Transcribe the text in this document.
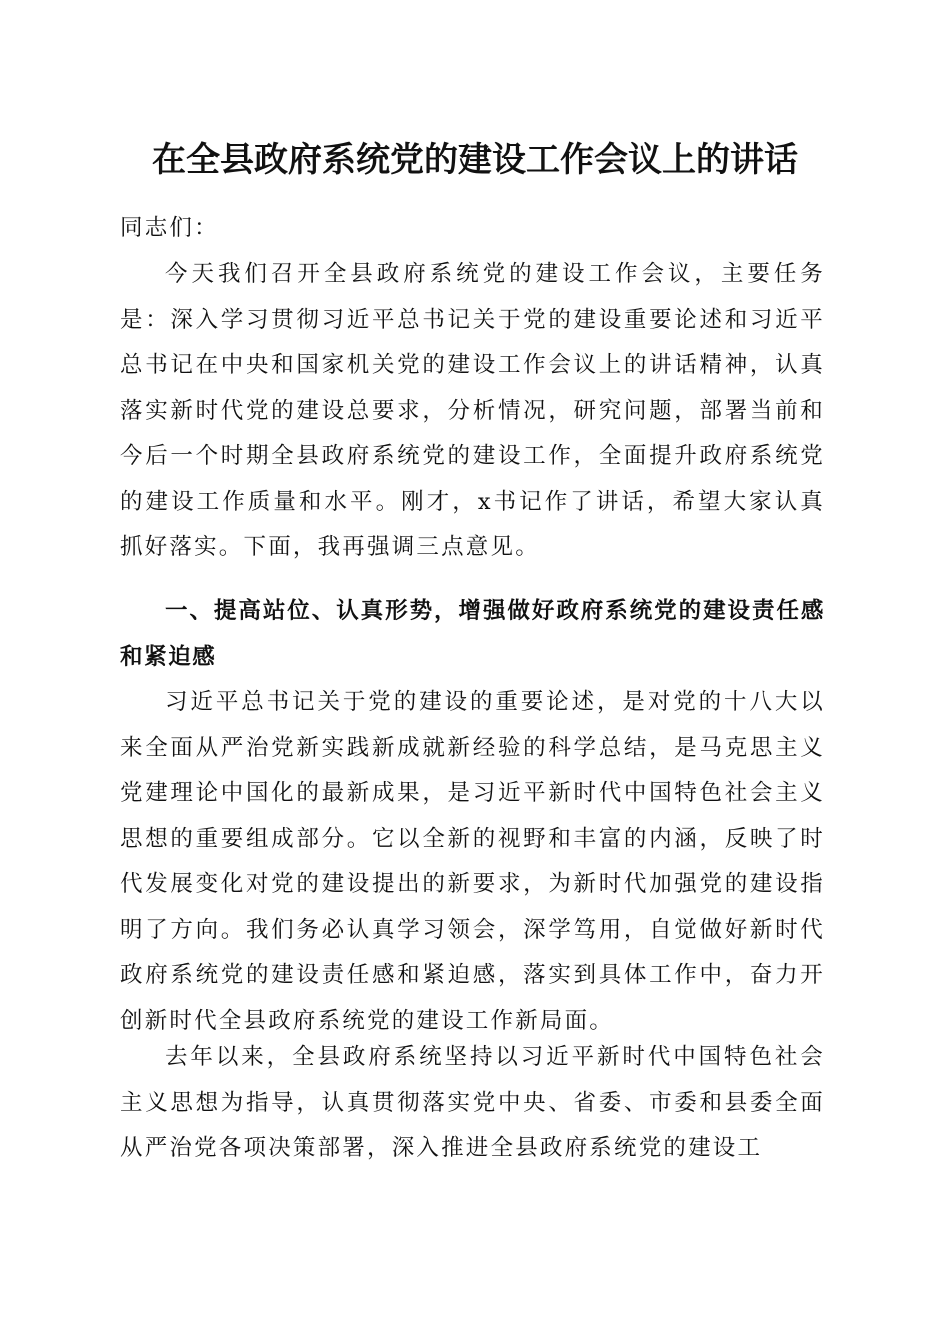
在全县政府系统党的建设工作会议上的讲话
同志们：
今天我们召开全县政府系统党的建设工作会议，主要任务是：深入学习贯彻习近平总书记关于党的建设重要论述和习近平总书记在中央和国家机关党的建设工作会议上的讲话精神，认真落实新时代党的建设总要求，分析情况，研究问题，部署当前和今后一个时期全县政府系统党的建设工作，全面提升政府系统党的建设工作质量和水平。刚才，x书记作了讲话，希望大家认真抓好落实。下面，我再强调三点意见。
一、提高站位、认真形势，增强做好政府系统党的建设责任感和紧迫感
习近平总书记关于党的建设的重要论述，是对党的十八大以来全面从严治党新实践新成就新经验的科学总结，是马克思主义党建理论中国化的最新成果，是习近平新时代中国特色社会主义思想的重要组成部分。它以全新的视野和丰富的内涵，反映了时代发展变化对党的建设提出的新要求，为新时代加强党的建设指明了方向。我们务必认真学习领会，深学笃用，自觉做好新时代政府系统党的建设责任感和紧迫感，落实到具体工作中，奋力开创新时代全县政府系统党的建设工作新局面。
去年以来，全县政府系统坚持以习近平新时代中国特色社会主义思想为指导，认真贯彻落实党中央、省委、市委和县委全面从严治党各项决策部署，深入推进全县政府系统党的建设工
